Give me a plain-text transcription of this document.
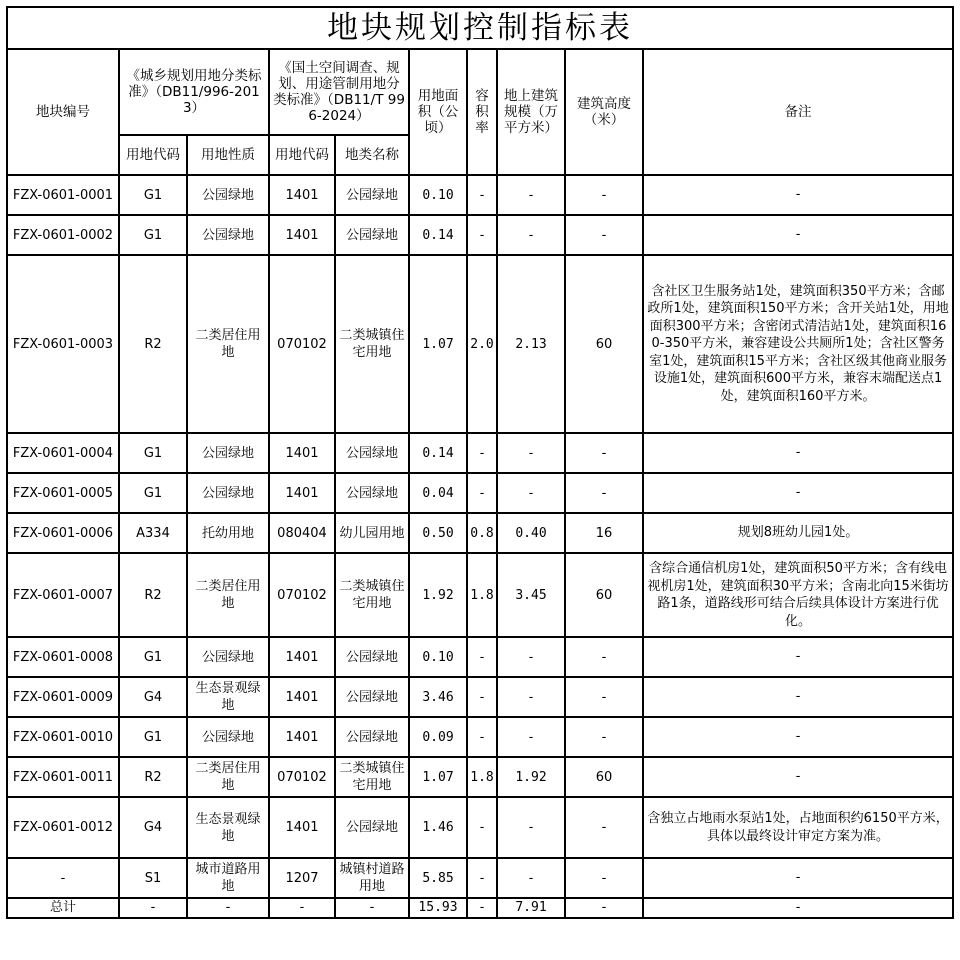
地块规划控制指标表									
地块编号	《城乡规划用地分类标准》（DB11/996-2013）		《国土空间调查、规划、用途管制用地分类标准》（DB11/T 996-2024）		用地面积（公顷）	容积率	地上建筑规模（万平方米）	建筑高度（米）	备注
	用地代码	用地性质	用地代码	地类名称					
FZX-0601-0001	G1	公园绿地	1401	公园绿地	0.10	-	-	-	-
FZX-0601-0002	G1	公园绿地	1401	公园绿地	0.14	-	-	-	-
FZX-0601-0003	R2	二类居住用地	070102	二类城镇住宅用地	1.07	2.0	2.13	60	含社区卫生服务站1处，建筑面积350平方米；含邮政所1处，建筑面积150平方米；含开关站1处，用地面积300平方米；含密闭式清洁站1处，建筑面积160-350平方米，兼容建设公共厕所1处；含社区警务室1处，建筑面积15平方米；含社区级其他商业服务设施1处，建筑面积600平方米，兼容末端配送点1处，建筑面积160平方米。
FZX-0601-0004	G1	公园绿地	1401	公园绿地	0.14	-	-	-	-
FZX-0601-0005	G1	公园绿地	1401	公园绿地	0.04	-	-	-	-
FZX-0601-0006	A334	托幼用地	080404	幼儿园用地	0.50	0.8	0.40	16	规划8班幼儿园1处。
FZX-0601-0007	R2	二类居住用地	070102	二类城镇住宅用地	1.92	1.8	3.45	60	含综合通信机房1处，建筑面积50平方米；含有线电视机房1处，建筑面积30平方米；含南北向15米街坊路1条，道路线形可结合后续具体设计方案进行优化。
FZX-0601-0008	G1	公园绿地	1401	公园绿地	0.10	-	-	-	-
FZX-0601-0009	G4	生态景观绿地	1401	公园绿地	3.46	-	-	-	-
FZX-0601-0010	G1	公园绿地	1401	公园绿地	0.09	-	-	-	-
FZX-0601-0011	R2	二类居住用地	070102	二类城镇住宅用地	1.07	1.8	1.92	60	-
FZX-0601-0012	G4	生态景观绿地	1401	公园绿地	1.46	-	-	-	含独立占地雨水泵站1处，占地面积约6150平方米，具体以最终设计审定方案为准。
-	S1	城市道路用地	1207	城镇村道路用地	5.85	-	-	-	-
总计	-	-	-	-	15.93	-	7.91	-	-
